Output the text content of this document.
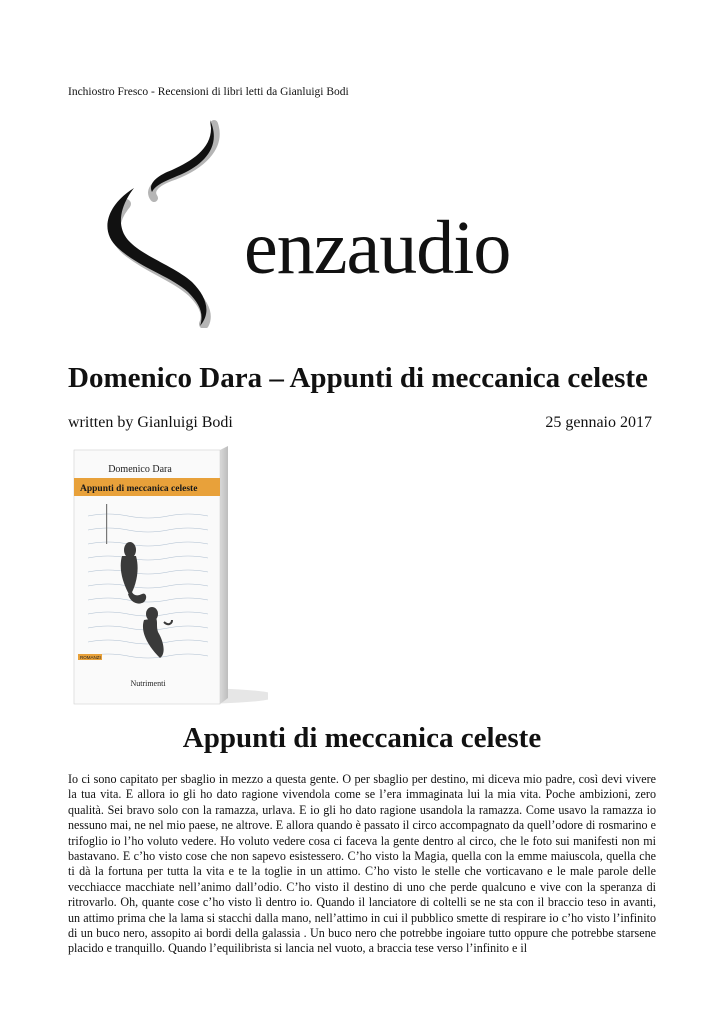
Inchiostro Fresco - Recensioni di libri letti da Gianluigi Bodi
enzaudio
Domenico Dara – Appunti di meccanica celeste
written by Gianluigi Bodi	25 gennaio 2017
Domenico Dara
Appunti di meccanica celeste
ROMANZI
Nutrimenti
Appunti di meccanica celeste

Io ci sono capitato per sbaglio in mezzo a questa gente. O per sbaglio per destino, mi diceva mio padre, così devi vivere la tua vita. E allora io gli ho dato ragione vivendola come se l’era immaginata lui la mia vita. Poche ambizioni, zero qualità. Sei bravo solo con la ramazza, urlava. E io gli ho dato ragione usandola la ramazza. Come usavo la ramazza io nessuno mai, ne nel mio paese, ne altrove. E allora quando è passato il circo accompagnato da quell’odore di rosmarino e trifoglio io l’ho voluto vedere. Ho voluto vedere cosa ci faceva la gente dentro al circo, che le foto sui manifesti non mi bastavano. E c’ho visto cose che non sapevo esistessero. C’ho visto la Magia, quella con la emme maiuscola, quella che ti dà la fortuna per tutta la vita e te la toglie in un attimo. C’ho visto le stelle che vorticavano e le male parole delle vecchiacce macchiate nell’animo dall’odio. C’ho visto il destino di uno che perde qualcuno e vive con la speranza di ritrovarlo. Oh, quante cose c’ho visto lì dentro io. Quando il lanciatore di coltelli se ne sta con il braccio teso in avanti, un attimo prima che la lama si stacchi dalla mano, nell’attimo in cui il pubblico smette di respirare io c’ho visto l’infinito di un buco nero, assopito ai bordi della galassia . Un buco nero che potrebbe ingoiare tutto oppure che potrebbe starsene placido e tranquillo. Quando l’equilibrista si lancia nel vuoto, a braccia tese verso l’infinito e il
